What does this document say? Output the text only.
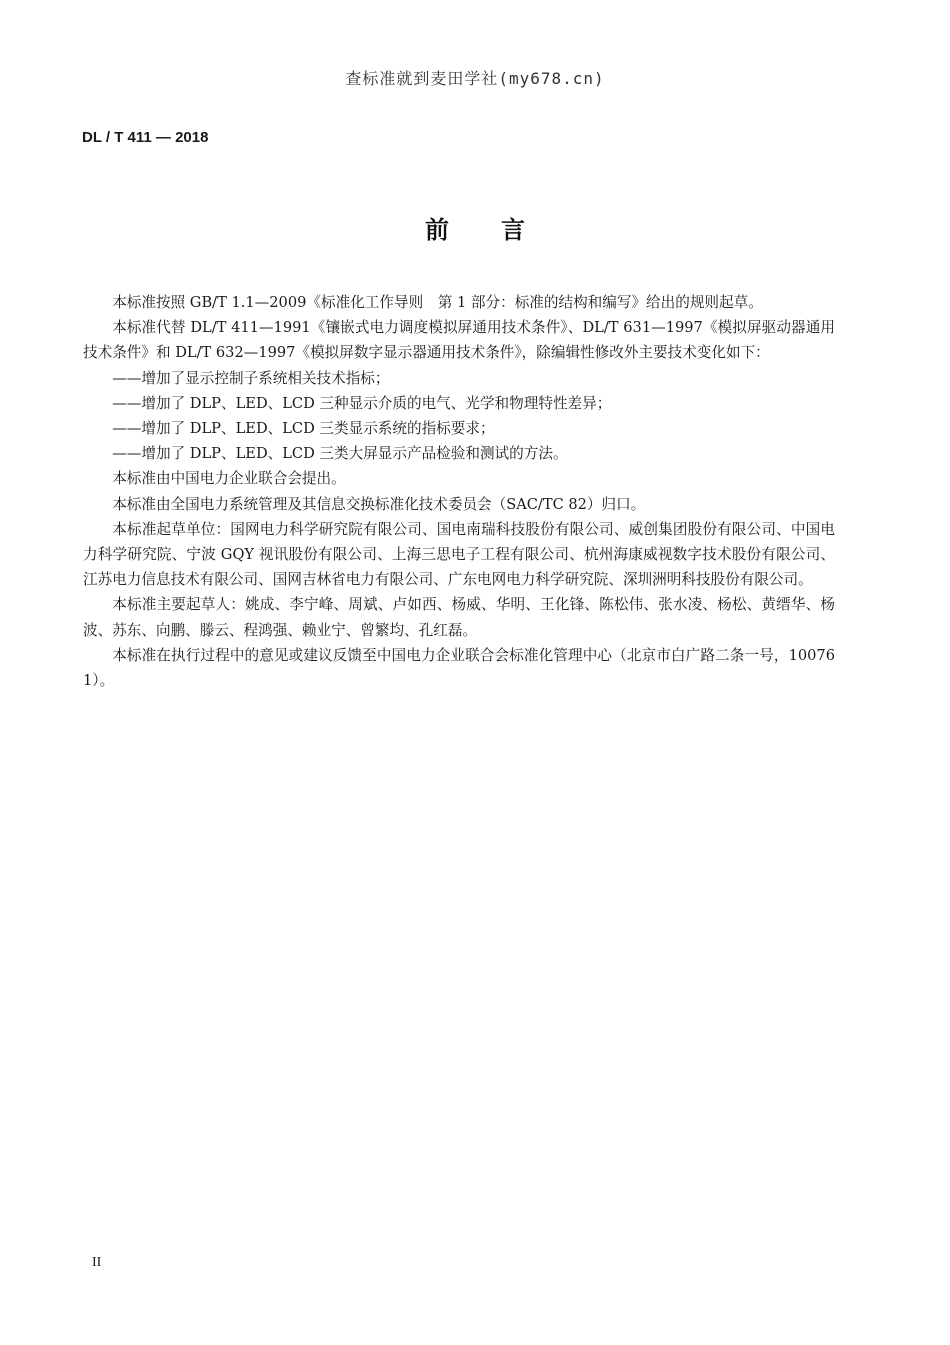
查标准就到麦田学社(my678.cn)
DL / T 411 — 2018
前言

本标准按照 GB/T 1.1—2009《标准化工作导则　第 1 部分：标准的结构和编写》给出的规则起草。

本标准代替 DL/T 411—1991《镶嵌式电力调度模拟屏通用技术条件》、DL/T 631—1997《模拟屏驱动器通用技术条件》和 DL/T 632—1997《模拟屏数字显示器通用技术条件》，除编辑性修改外主要技术变化如下：

——增加了显示控制子系统相关技术指标；

——增加了 DLP、LED、LCD 三种显示介质的电气、光学和物理特性差异；

——增加了 DLP、LED、LCD 三类显示系统的指标要求；

——增加了 DLP、LED、LCD 三类大屏显示产品检验和测试的方法。

本标准由中国电力企业联合会提出。

本标准由全国电力系统管理及其信息交换标准化技术委员会（SAC/TC 82）归口。

本标准起草单位：国网电力科学研究院有限公司、国电南瑞科技股份有限公司、威创集团股份有限公司、中国电力科学研究院、宁波 GQY 视讯股份有限公司、上海三思电子工程有限公司、杭州海康威视数字技术股份有限公司、江苏电力信息技术有限公司、国网吉林省电力有限公司、广东电网电力科学研究院、深圳洲明科技股份有限公司。

本标准主要起草人：姚成、李宁峰、周斌、卢如西、杨威、华明、王化锋、陈松伟、张水凌、杨松、黄缙华、杨波、苏东、向鹏、滕云、程鸿强、赖业宁、曾繁均、孔红磊。

本标准在执行过程中的意见或建议反馈至中国电力企业联合会标准化管理中心（北京市白广路二条一号，100761）。

II
